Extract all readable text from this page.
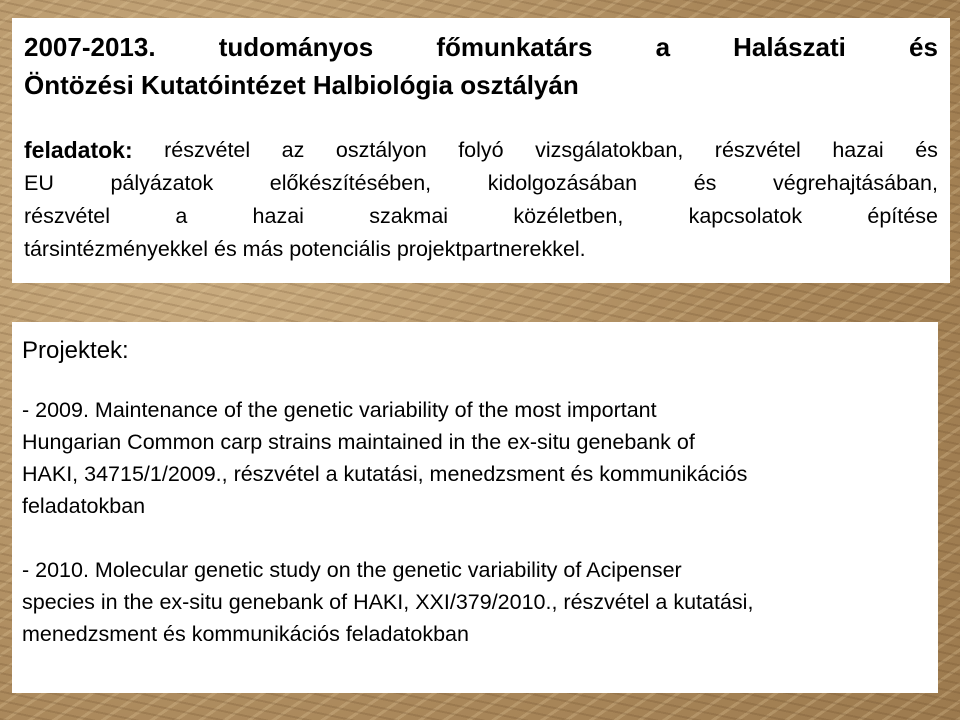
2007-2013. tudományos főmunkatárs a Halászati és
Öntözési Kutatóintézet Halbiológia osztályán
feladatok: részvétel az osztályon folyó vizsgálatokban, részvétel hazai és
EU	pályázatok	előkészítésében,	kidolgozásában	és	végrehajtásában,
részvétel	a	hazai	szakmai	közéletben,	kapcsolatok	építése
társintézményekkel és más potenciális projektpartnerekkel.
Projektek:
- 2009. Maintenance of the genetic variability of the most important
Hungarian Common carp strains maintained in the ex-situ genebank of
HAKI, 34715/1/2009., részvétel a kutatási, menedzsment és kommunikációs
feladatokban
- 2010. Molecular genetic study on the genetic variability of Acipenser
species in the ex-situ genebank of HAKI, XXI/379/2010., részvétel a kutatási,
menedzsment és kommunikációs feladatokban
